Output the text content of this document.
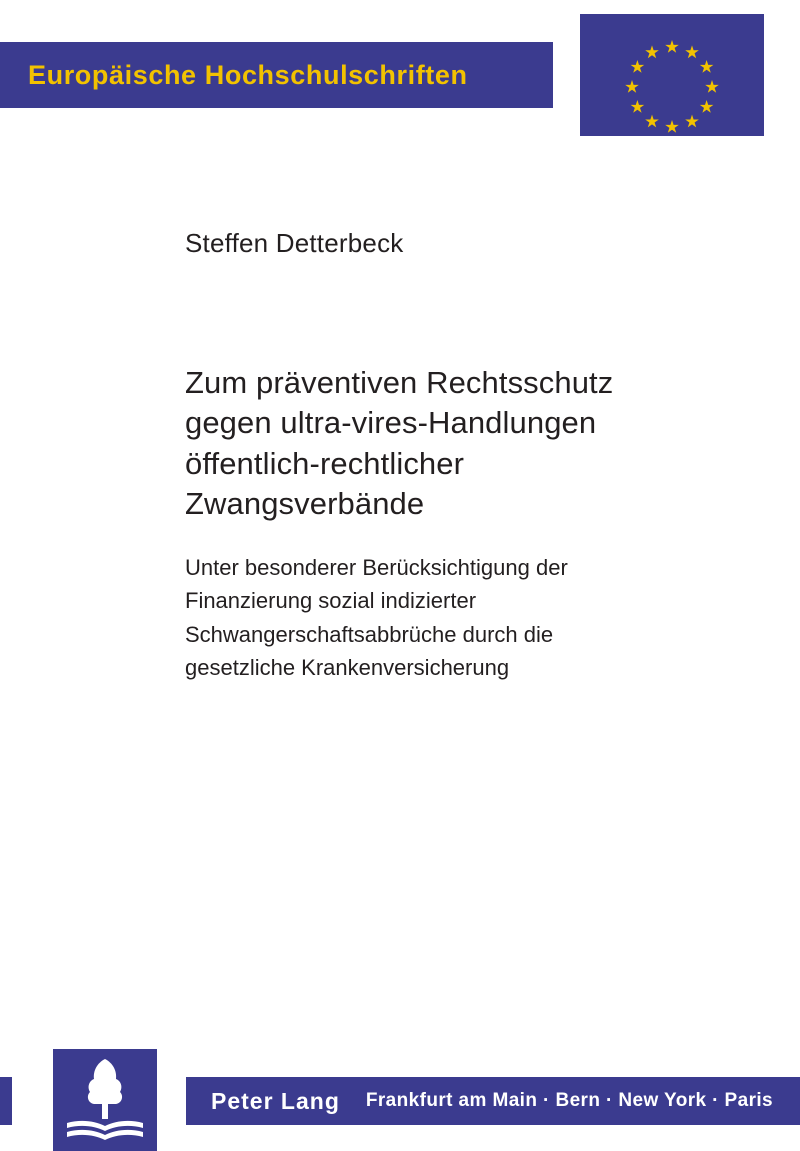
Europäische Hochschulschriften
Steffen Detterbeck
Zum präventiven Rechtsschutz
gegen ultra-vires-Handlungen
öffentlich-rechtlicher
Zwangsverbände
Unter besonderer Berücksichtigung der
Finanzierung sozial indizierter
Schwangerschaftsabbrüche durch die
gesetzliche Krankenversicherung
Peter Lang	Frankfurt am Main · Bern · New York · Paris
